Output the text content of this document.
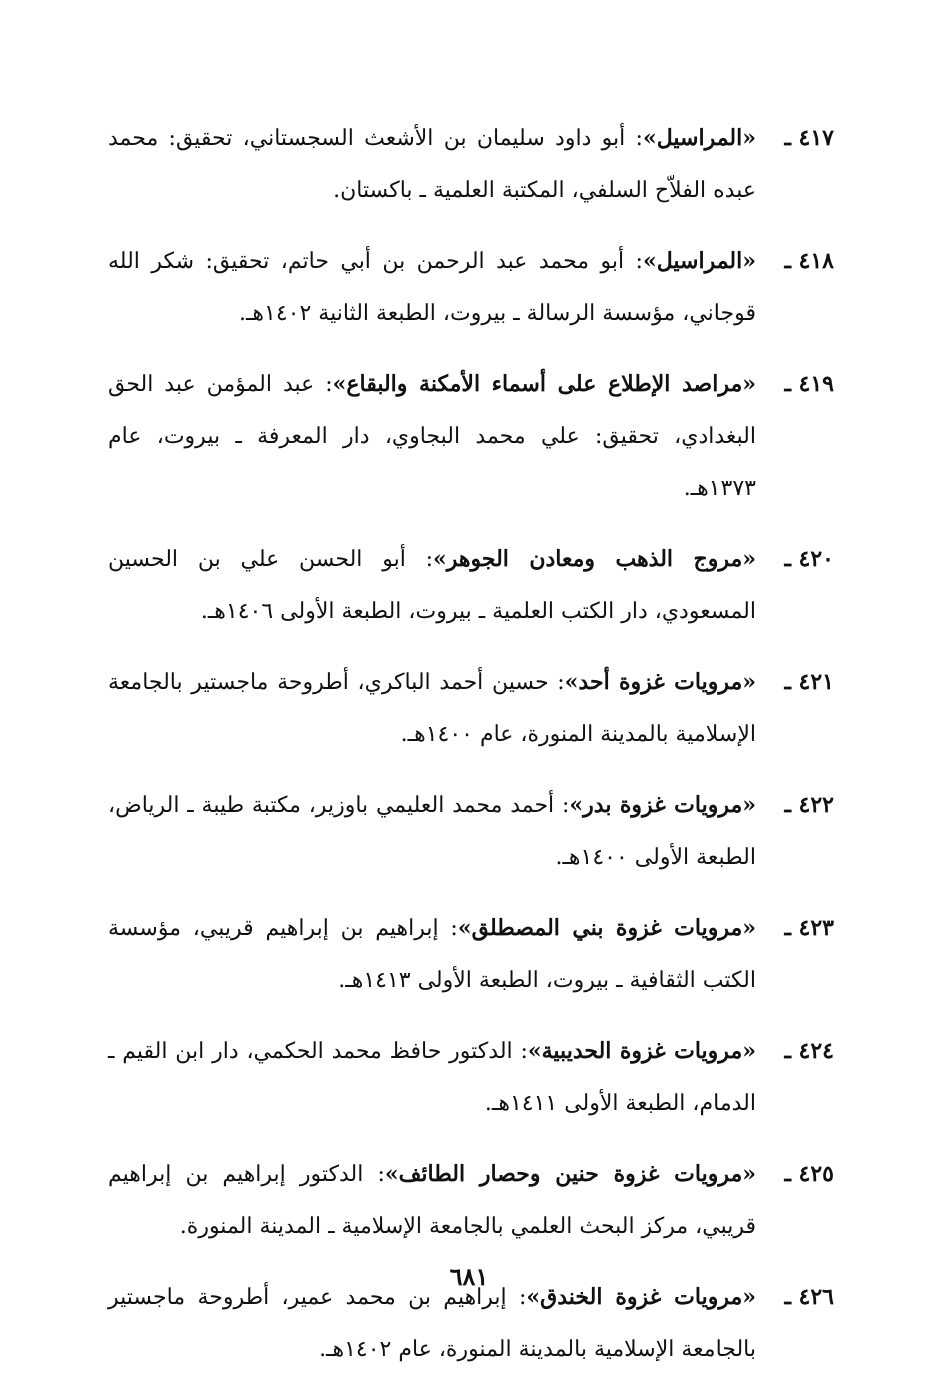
٤١٧ ـ
«المراسيل»: أبو داود سليمان بن الأشعث السجستاني، تحقيق: محمد عبده الفلاّح السلفي، المكتبة العلمية ـ باكستان.
٤١٨ ـ
«المراسيل»: أبو محمد عبد الرحمن بن أبي حاتم، تحقيق: شكر الله قوجاني، مؤسسة الرسالة ـ بيروت، الطبعة الثانية ١٤٠٢هـ.
٤١٩ ـ
«مراصد الإطلاع على أسماء الأمكنة والبقاع»: عبد المؤمن عبد الحق البغدادي، تحقيق: علي محمد البجاوي، دار المعرفة ـ بيروت، عام ١٣٧٣هـ.
٤٢٠ ـ
«مروج الذهب ومعادن الجوهر»: أبو الحسن علي بن الحسين المسعودي، دار الكتب العلمية ـ بيروت، الطبعة الأولى ١٤٠٦هـ.
٤٢١ ـ
«مرويات غزوة أحد»: حسين أحمد الباكري، أطروحة ماجستير بالجامعة الإسلامية بالمدينة المنورة، عام ١٤٠٠هـ.
٤٢٢ ـ
«مرويات غزوة بدر»: أحمد محمد العليمي باوزير، مكتبة طيبة ـ الرياض، الطبعة الأولى ١٤٠٠هـ.
٤٢٣ ـ
«مرويات غزوة بني المصطلق»: إبراهيم بن إبراهيم قريبي، مؤسسة الكتب الثقافية ـ بيروت، الطبعة الأولى ١٤١٣هـ.
٤٢٤ ـ
«مرويات غزوة الحديبية»: الدكتور حافظ محمد الحكمي، دار ابن القيم ـ الدمام، الطبعة الأولى ١٤١١هـ.
٤٢٥ ـ
«مرويات غزوة حنين وحصار الطائف»: الدكتور إبراهيم بن إبراهيم قريبي، مركز البحث العلمي بالجامعة الإسلامية ـ المدينة المنورة.
٤٢٦ ـ
«مرويات غزوة الخندق»: إبراهيم بن محمد عمير، أطروحة ماجستير بالجامعة الإسلامية بالمدينة المنورة، عام ١٤٠٢هـ.
٦٨١
